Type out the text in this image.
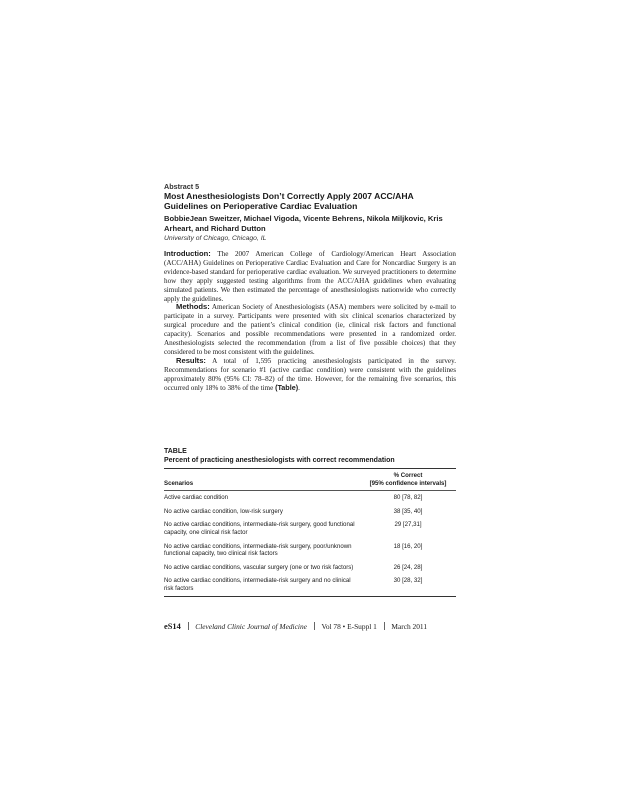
Abstract 5
Most Anesthesiologists Don’t Correctly Apply 2007 ACC/AHA Guidelines on Perioperative Cardiac Evaluation
BobbieJean Sweitzer, Michael Vigoda, Vicente Behrens, Nikola Miljkovic, Kris Arheart, and Richard Dutton
University of Chicago, Chicago, IL

Introduction: The 2007 American College of Cardiology/American Heart Association (ACC/AHA) Guidelines on Perioperative Cardiac Evaluation and Care for Noncardiac Surgery is an evidence-based standard for perioperative cardiac evaluation. We surveyed practitioners to determine how they apply suggested testing algorithms from the ACC/AHA guidelines when evaluating simulated patients. We then estimated the percentage of anesthesiologists nationwide who correctly apply the guidelines.

Methods: American Society of Anesthesiologists (ASA) members were solicited by e-mail to participate in a survey. Participants were presented with six clinical scenarios characterized by surgical procedure and the patient’s clinical condition (ie, clinical risk factors and functional capacity). Scenarios and possible recommendations were presented in a randomized order. Anesthesiologists selected the recommendation (from a list of five possible choices) that they considered to be most consistent with the guidelines.

Results: A total of 1,595 practicing anesthesiologists participated in the survey. Recommendations for scenario #1 (active cardiac condition) were consistent with the guidelines approximately 80% (95% CI: 78–82) of the time. However, for the remaining five scenarios, this occurred only 18% to 38% of the time (Table).

TABLE
Percent of practicing anesthesiologists with correct recommendation
Scenarios	% Correct
[95% confidence intervals]

Active cardiac condition	80 [78, 82]
No active cardiac condition, low-risk surgery	38 [35, 40]
No active cardiac conditions, intermediate-risk surgery, good functional capacity, one clinical risk factor	29 [27,31]
No active cardiac conditions, intermediate-risk surgery, poor/unknown functional capacity, two clinical risk factors	18 [16, 20]
No active cardiac conditions, vascular surgery (one or two risk factors)	26 [24, 28]
No active cardiac conditions, intermediate-risk surgery and no clinical risk factors	30 [28, 32]
eS14 Cleveland Clinic Journal of Medicine Vol 78 • E-Suppl 1 March 2011
